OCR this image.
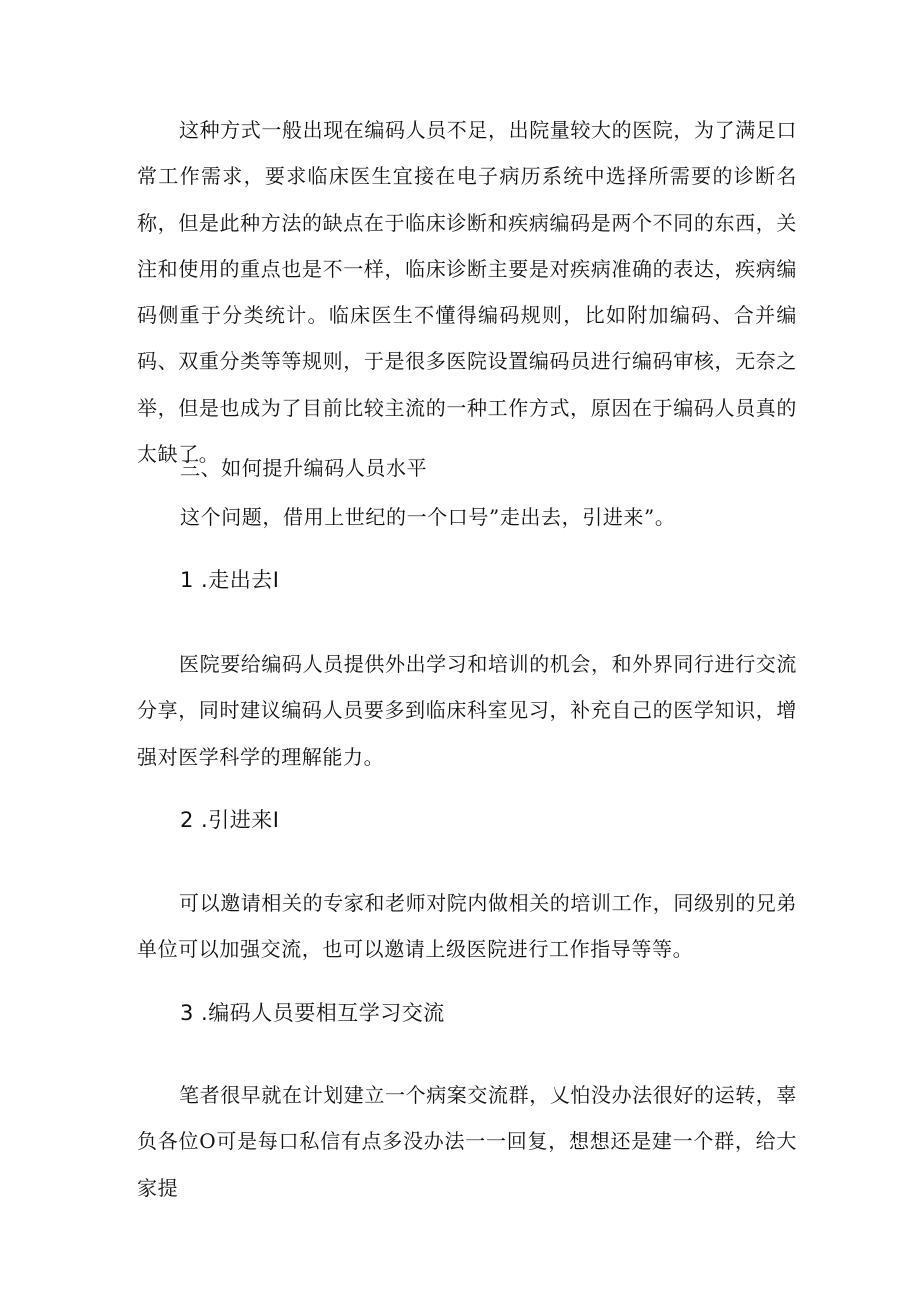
这种方式一般出现在编码人员不足，出院量较大的医院，为了满足口常工作需求，要求临床医生宜接在电子病历系统中选择所需要的诊断名称，但是此种方法的缺点在于临床诊断和疾病编码是两个不同的东西，关注和使用的重点也是不一样，临床诊断主要是对疾病准确的表达，疾病编码侧重于分类统计。临床医生不懂得编码规则，比如附加编码、合并编码、双重分类等等规则，于是很多医院设置编码员进行编码审核，无奈之举，但是也成为了目前比较主流的一种工作方式，原因在于编码人员真的太缺了。

三、如何提升编码人员水平

这个问题，借用上世纪的一个口号”走出去，引进来”。

1 .走出去I

医院要给编码人员提供外出学习和培训的机会，和外界同行进行交流分享，同时建议编码人员要多到临床科室见习，补充自己的医学知识，增强对医学科学的理解能力。

2 .引进来I

可以邀请相关的专家和老师对院内做相关的培训工作，同级别的兄弟单位可以加强交流，也可以邀请上级医院进行工作指导等等。

3 .编码人员要相互学习交流

笔者很早就在计划建立一个病案交流群，乂怕没办法很好的运转，辜负各位O可是每口私信有点多没办法一一回复，想想还是建一个群，给大家提
